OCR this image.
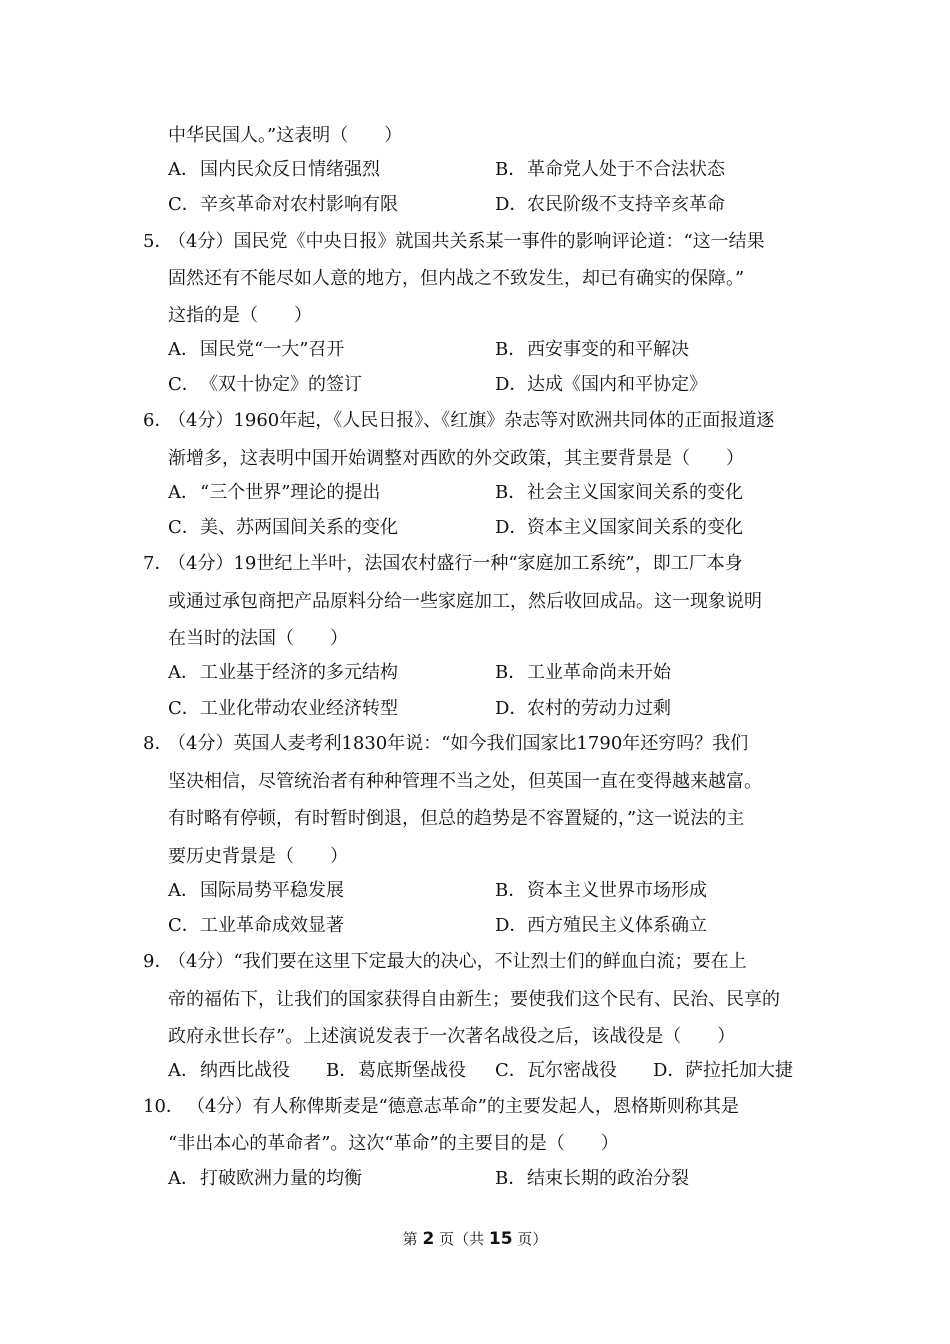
中华民国人。”这表明（　　）
A．国内民众反日情绪强烈	B．革命党人处于不合法状态
C．辛亥革命对农村影响有限	D．农民阶级不支持辛亥革命
5．
（4分）国民党《中央日报》就国共关系某一事件的影响评论道：“这一结果
固然还有不能尽如人意的地方，但内战之不致发生，却已有确实的保障。”
这指的是（　　）
A．国民党“一大”召开	B．西安事变的和平解决
C．《双十协定》的签订	D．达成《国内和平协定》
6．
（4分）1960年起，《人民日报》、《红旗》杂志等对欧洲共同体的正面报道逐
渐增多，这表明中国开始调整对西欧的外交政策，其主要背景是（　　）
A．“三个世界”理论的提出	B．社会主义国家间关系的变化
C．美、苏两国间关系的变化	D．资本主义国家间关系的变化
7．
（4分）19世纪上半叶，法国农村盛行一种“家庭加工系统”，即工厂本身
或通过承包商把产品原料分给一些家庭加工，然后收回成品。这一现象说明
在当时的法国（　　）
A．工业基于经济的多元结构	B．工业革命尚未开始
C．工业化带动农业经济转型	D．农村的劳动力过剩
8．
（4分）英国人麦考利1830年说：“如今我们国家比1790年还穷吗？我们
坚决相信，尽管统治者有种种管理不当之处，但英国一直在变得越来越富。
有时略有停顿，有时暂时倒退，但总的趋势是不容置疑的，”这一说法的主
要历史背景是（　　）
A．国际局势平稳发展	B．资本主义世界市场形成
C．工业革命成效显著	D．西方殖民主义体系确立
9．
（4分）“我们要在这里下定最大的决心，不让烈士们的鲜血白流；要在上
帝的福佑下，让我们的国家获得自由新生；要使我们这个民有、民治、民享的
政府永世长存”。上述演说发表于一次著名战役之后，该战役是（　　）
A．纳西比战役 B．葛底斯堡战役 C．瓦尔密战役 D．萨拉托加大捷
10． （4分）有人称俾斯麦是“德意志革命”的主要发起人，恩格斯则称其是
“非出本心的革命者”。这次“革命”的主要目的是（　　）
A．打破欧洲力量的均衡	B．结束长期的政治分裂
第 2 页（共 15 页）
